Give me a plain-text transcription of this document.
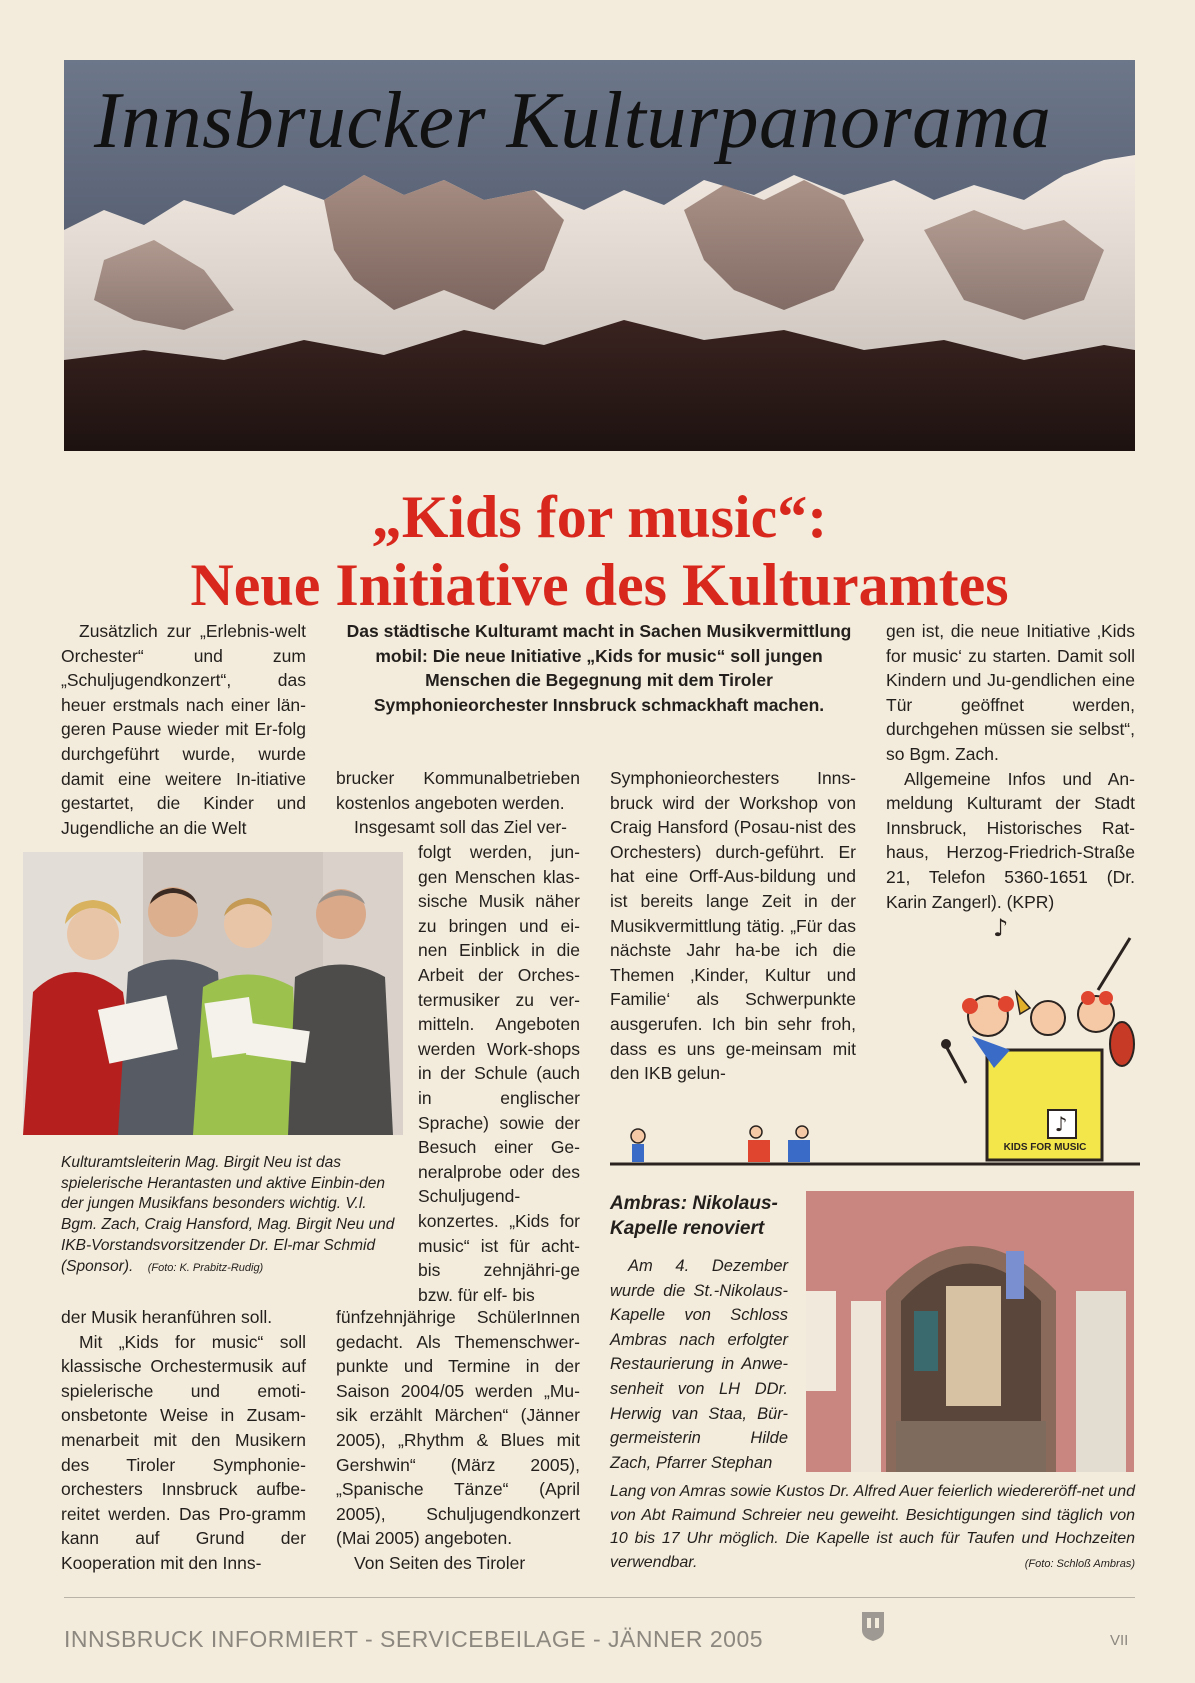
Innsbrucker Kulturpanorama
„Kids for music“:
Neue Initiative des Kulturamtes
Das städtische Kulturamt macht in Sachen Musikvermittlung mobil: Die neue Initiative „Kids for music“ soll jungen Menschen die Begegnung mit dem Tiroler Symphonieorchester Innsbruck schmackhaft machen.

Zusätzlich zur „Erlebnis-welt Orchester“ und zum „Schuljugendkonzert“, das heuer erstmals nach einer län-geren Pause wieder mit Er-folg durchgeführt wurde, wurde damit eine weitere In-itiative gestartet, die Kinder und Jugendliche an die Welt

Kulturamtsleiterin Mag. Birgit Neu ist das spielerische Herantasten und aktive Einbin-den der jungen Musikfans besonders wichtig. V.l. Bgm. Zach, Craig Hansford, Mag. Birgit Neu und IKB-Vorstandsvorsitzender Dr. El-mar Schmid (Sponsor). (Foto: K. Prabitz-Rudig)

der Musik heranführen soll.

Mit „Kids for music“ soll klassische Orchestermusik auf spielerische und emoti-onsbetonte Weise in Zusam-menarbeit mit den Musikern des Tiroler Symphonie-orchesters Innsbruck aufbe-reitet werden. Das Pro-gramm kann auf Grund der Kooperation mit den Inns-

brucker Kommunalbetrieben kostenlos angeboten werden.

Insgesamt soll das Ziel ver-

folgt werden, jun-gen Menschen klas-sische Musik näher zu bringen und ei-nen Einblick in die Arbeit der Orches-termusiker zu ver-mitteln. Angeboten werden Work-shops in der Schule (auch in englischer Sprache) sowie der Besuch einer Ge-neralprobe oder des Schuljugend-konzertes. „Kids for music“ ist für acht- bis zehnjähri-ge bzw. für elf- bis

fünfzehnjährige SchülerInnen gedacht. Als Themenschwer-punkte und Termine in der Saison 2004/05 werden „Mu-sik erzählt Märchen“ (Jänner 2005), „Rhythm & Blues mit Gershwin“ (März 2005), „Spanische Tänze“ (April 2005), Schuljugendkonzert (Mai 2005) angeboten.

Von Seiten des Tiroler

Symphonieorchesters Inns-bruck wird der Workshop von Craig Hansford (Posau-nist des Orchesters) durch-geführt. Er hat eine Orff-Aus-bildung und ist bereits lange Zeit in der Musikvermittlung tätig. „Für das nächste Jahr ha-be ich die Themen ‚Kinder, Kultur und Familie‘ als Schwerpunkte ausgerufen. Ich bin sehr froh, dass es uns ge-meinsam mit den IKB gelun-

gen ist, die neue Initiative ‚Kids for music‘ zu starten. Damit soll Kindern und Ju-gendlichen eine Tür geöffnet werden, durchgehen müssen sie selbst“, so Bgm. Zach.

Allgemeine Infos und An-meldung Kulturamt der Stadt Innsbruck, Historisches Rat-haus, Herzog-Friedrich-Straße 21, Telefon 5360-1651 (Dr. Karin Zangerl). (KPR)

♪
♪
KIDS FOR MUSIC
Ambras: Nikolaus-Kapelle renoviert

Am 4. Dezember wurde die St.-Nikolaus-Kapelle von Schloss Ambras nach erfolgter Restaurierung in Anwe-senheit von LH DDr. Herwig van Staa, Bür-germeisterin Hilde Zach, Pfarrer Stephan

Lang von Amras sowie Kustos Dr. Alfred Auer feierlich wiedereröff-net und von Abt Raimund Schreier neu geweiht. Besichtigungen sind täglich von 10 bis 17 Uhr möglich. Die Kapelle ist auch für Taufen und Hochzeiten verwendbar.	(Foto: Schloß Ambras)
INNSBRUCK INFORMIERT - SERVICEBEILAGE - JÄNNER 2005	VII
